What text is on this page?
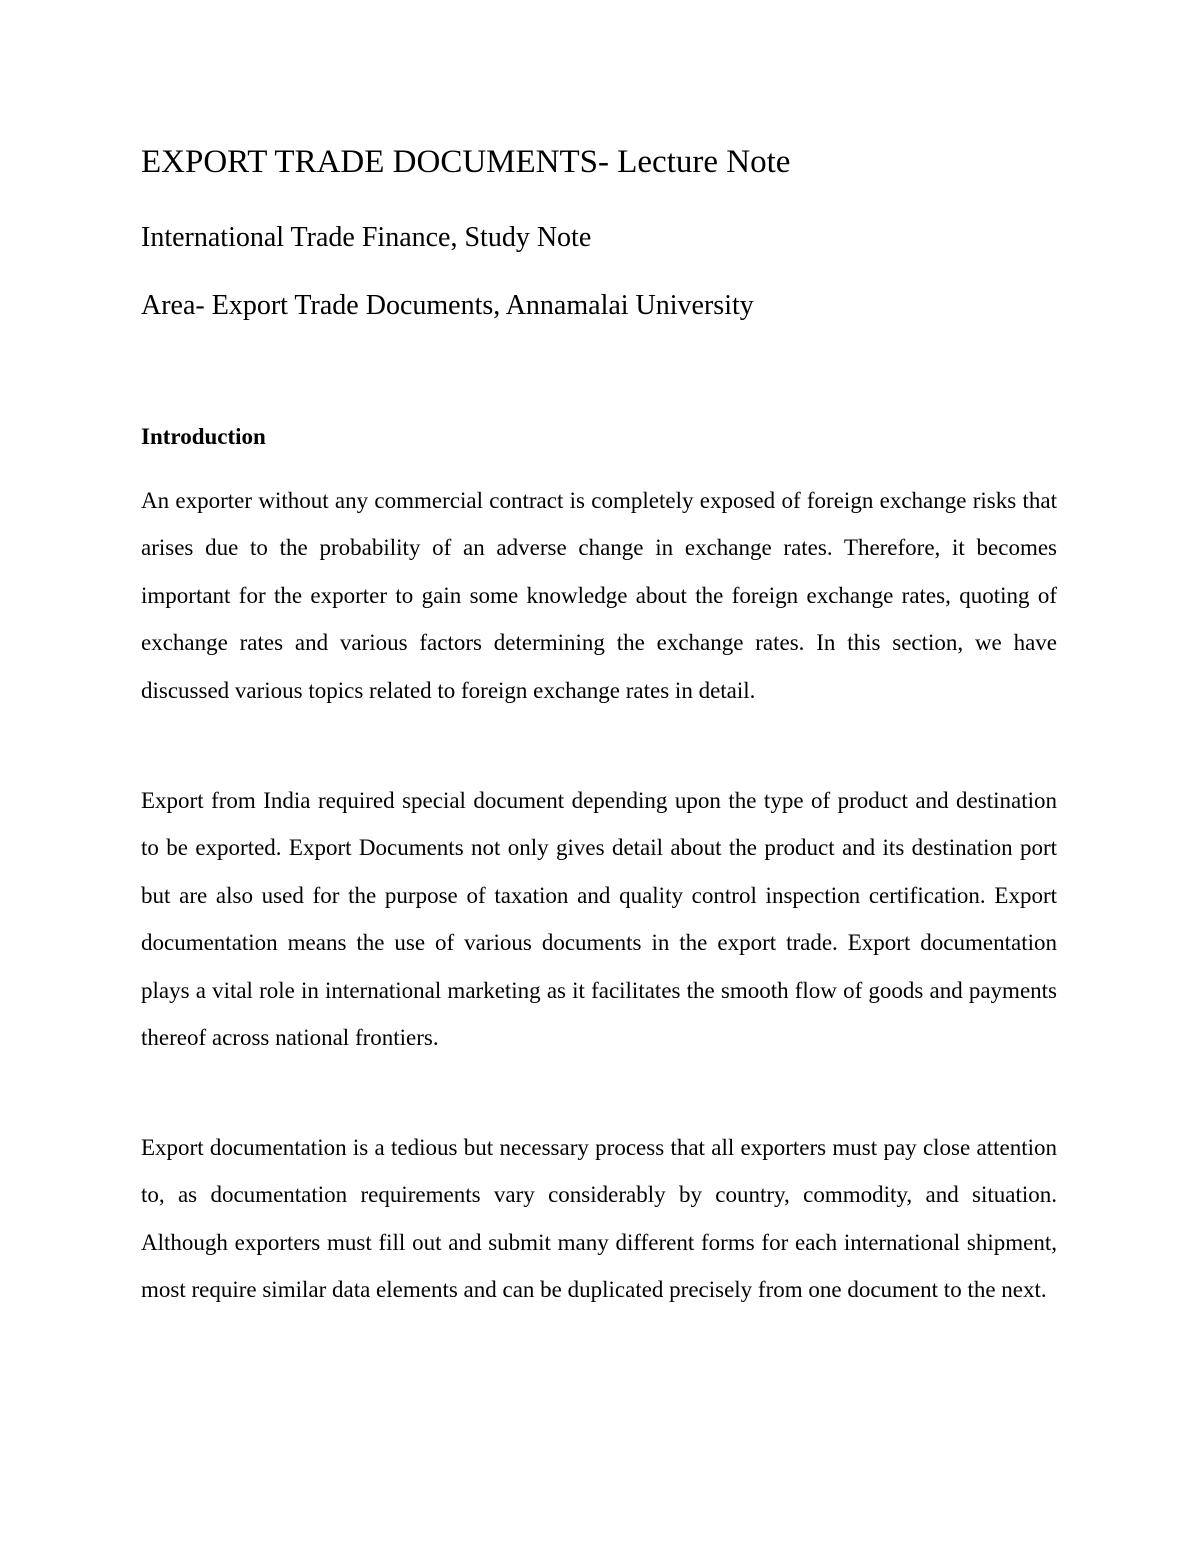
EXPORT TRADE DOCUMENTS- Lecture Note
International Trade Finance, Study Note
Area- Export Trade Documents, Annamalai University
Introduction

An exporter without any commercial contract is completely exposed of foreign exchange risks that arises due to the probability of an adverse change in exchange rates. Therefore, it becomes important for the exporter to gain some knowledge about the foreign exchange rates, quoting of exchange rates and various factors determining the exchange rates. In this section, we have discussed various topics related to foreign exchange rates in detail.

Export from India required special document depending upon the type of product and destination to be exported. Export Documents not only gives detail about the product and its destination port but are also used for the purpose of taxation and quality control inspection certification. Export documentation means the use of various documents in the export trade. Export documentation plays a vital role in international marketing as it facilitates the smooth flow of goods and payments thereof across national frontiers.

Export documentation is a tedious but necessary process that all exporters must pay close attention to, as documentation requirements vary considerably by country, commodity, and situation. Although exporters must fill out and submit many different forms for each international shipment, most require similar data elements and can be duplicated precisely from one document to the next.
